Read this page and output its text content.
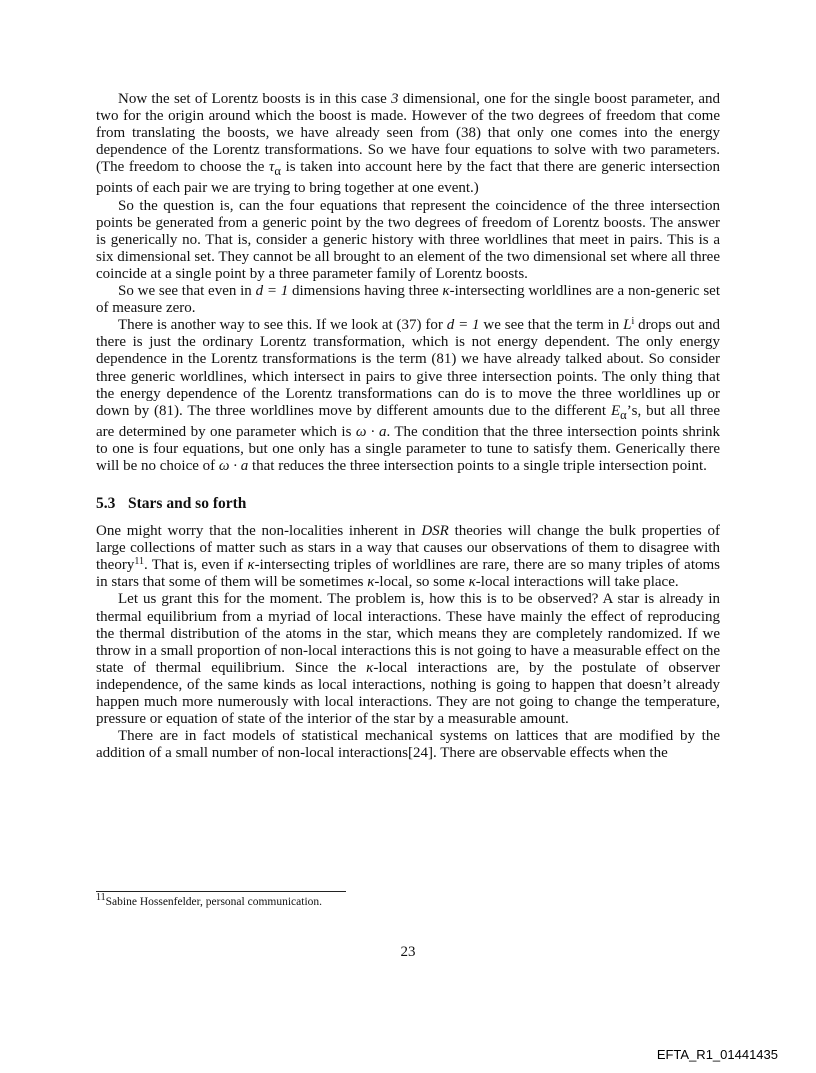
Now the set of Lorentz boosts is in this case 3 dimensional, one for the single boost parameter, and two for the origin around which the boost is made. However of the two degrees of freedom that come from translating the boosts, we have already seen from (38) that only one comes into the energy dependence of the Lorentz transformations. So we have four equations to solve with two parameters. (The freedom to choose the $\tau_\alpha$ is taken into account here by the fact that there are generic intersection points of each pair we are trying to bring together at one event.)

So the question is, can the four equations that represent the coincidence of the three intersection points be generated from a generic point by the two degrees of freedom of Lorentz boosts. The answer is generically no. That is, consider a generic history with three worldlines that meet in pairs. This is a six dimensional set. They cannot be all brought to an element of the two dimensional set where all three coincide at a single point by a three parameter family of Lorentz boosts.

So we see that even in d = 1 dimensions having three κ-intersecting worldlines are a non-generic set of measure zero.

There is another way to see this. If we look at (37) for d = 1 we see that the term in $L^i$ drops out and there is just the ordinary Lorentz transformation, which is not energy dependent. The only energy dependence in the Lorentz transformations is the term (81) we have already talked about. So consider three generic worldlines, which intersect in pairs to give three intersection points. The only thing that the energy dependence of the Lorentz transformations can do is to move the three worldlines up or down by (81). The three worldlines move by different amounts due to the different $E_\alpha’s$, but all three are determined by one parameter which is ω · a. The condition that the three intersection points shrink to one is four equations, but one only has a single parameter to tune to satisfy them. Generically there will be no choice of ω · a that reduces the three intersection points to a single triple intersection point.

5.3 Stars and so forth

One might worry that the non-localities inherent in DSR theories will change the bulk properties of large collections of matter such as stars in a way that causes our observations of them to disagree with theory$^{11}$. That is, even if κ-intersecting triples of worldlines are rare, there are so many triples of atoms in stars that some of them will be sometimes κ-local, so some κ-local interactions will take place.

Let us grant this for the moment. The problem is, how this is to be observed? A star is already in thermal equilibrium from a myriad of local interactions. These have mainly the effect of reproducing the thermal distribution of the atoms in the star, which means they are completely randomized. If we throw in a small proportion of non-local interactions this is not going to have a measurable effect on the state of thermal equilibrium. Since the κ-local interactions are, by the postulate of observer independence, of the same kinds as local interactions, nothing is going to happen that doesn’t already happen much more numerously with local interactions. They are not going to change the temperature, pressure or equation of state of the interior of the star by a measurable amount.

There are in fact models of statistical mechanical systems on lattices that are modified by the addition of a small number of non-local interactions[24]. There are observable effects when the

$^{11}$Sabine Hossenfelder, personal communication.
23
EFTA_R1_01441435
